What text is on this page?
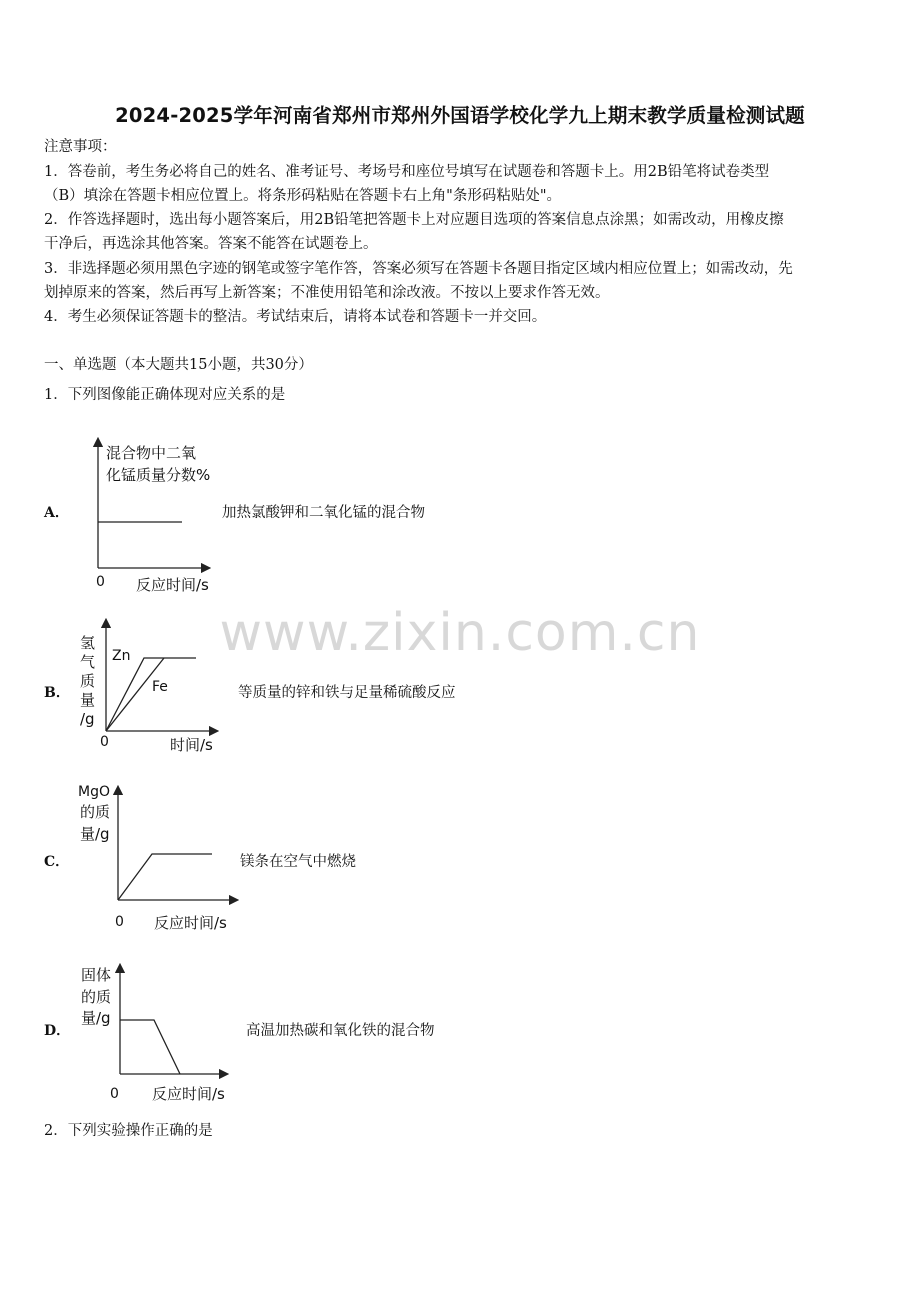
www.zixin.com.cn
2024-2025学年河南省郑州市郑州外国语学校化学九上期末教学质量检测试题
注意事项：
1．答卷前，考生务必将自己的姓名、准考证号、考场号和座位号填写在试题卷和答题卡上。用2B铅笔将试卷类型
（B）填涂在答题卡相应位置上。将条形码粘贴在答题卡右上角"条形码粘贴处"。
2．作答选择题时，选出每小题答案后，用2B铅笔把答题卡上对应题目选项的答案信息点涂黑；如需改动，用橡皮擦
干净后，再选涂其他答案。答案不能答在试题卷上。
3．非选择题必须用黑色字迹的钢笔或签字笔作答，答案必须写在答题卡各题目指定区域内相应位置上；如需改动，先
划掉原来的答案，然后再写上新答案；不准使用铅笔和涂改液。不按以上要求作答无效。
4．考生必须保证答题卡的整洁。考试结束后，请将本试卷和答题卡一并交回。
一、单选题（本大题共15小题，共30分）
1．下列图像能正确体现对应关系的是
A．
混合物中二氧
化锰质量分数%
0 反应时间/s
加热氯酸钾和二氧化锰的混合物
B．
氢
气
质
量
/g
Zn
Fe
0	时间/s
等质量的锌和铁与足量稀硫酸反应
C．
MgO
的质
量/g
0 反应时间/s
镁条在空气中燃烧
D．
固体
的质
量/g
0 反应时间/s
高温加热碳和氧化铁的混合物
2．下列实验操作正确的是
